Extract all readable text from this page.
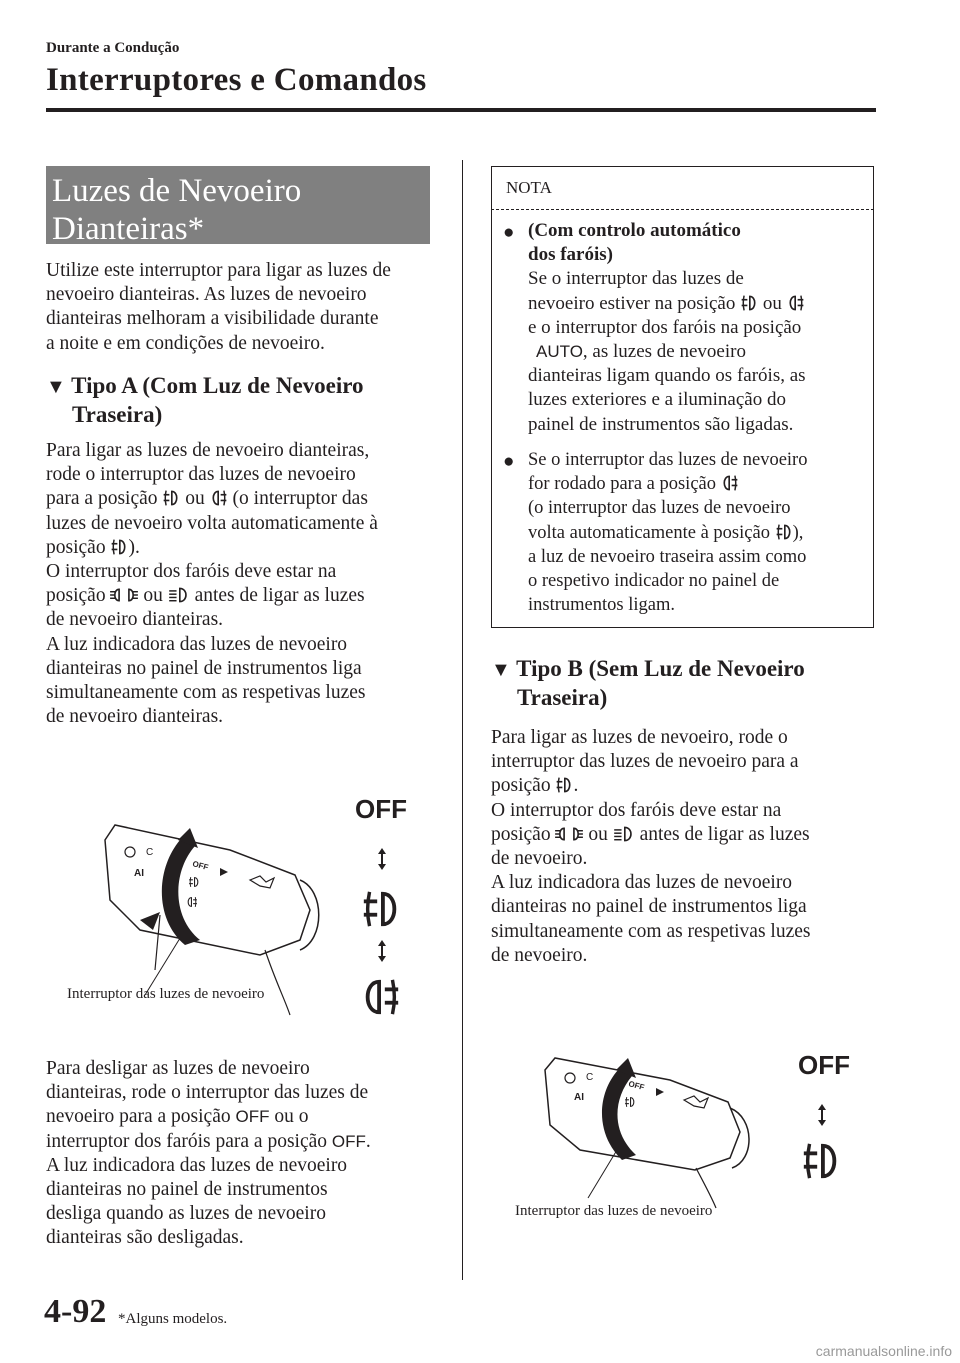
Durante a Condução
Interruptores e Comandos
Luzes de Nevoeiro
Dianteiras*

Utilize este interruptor para ligar as luzes de
nevoeiro dianteiras. As luzes de nevoeiro
dianteiras melhoram a visibilidade durante
a noite e em condições de nevoeiro.

▼ Tipo A (Com Luz de Nevoeiro
Traseira)

Para ligar as luzes de nevoeiro dianteiras,
rode o interruptor das luzes de nevoeiro
para a posição ou (o interruptor das
luzes de nevoeiro volta automaticamente à
posição ).
O interruptor dos faróis deve estar na
posição ou antes de ligar as luzes
de nevoeiro dianteiras.
A luz indicadora das luzes de nevoeiro
dianteiras no painel de instrumentos liga
simultaneamente com as respetivas luzes
de nevoeiro dianteiras.

C
AI
OFF
OFF
Interruptor das luzes de nevoeiro

Para desligar as luzes de nevoeiro
dianteiras, rode o interruptor das luzes de
nevoeiro para a posição OFF ou o
interruptor dos faróis para a posição OFF.
A luz indicadora das luzes de nevoeiro
dianteiras no painel de instrumentos
desliga quando as luzes de nevoeiro
dianteiras são desligadas.

NOTA
● (Com controlo automático
dos faróis)
Se o interruptor das luzes de
nevoeiro estiver na posição ou
e o interruptor dos faróis na posição
AUTO, as luzes de nevoeiro
dianteiras ligam quando os faróis, as
luzes exteriores e a iluminação do
painel de instrumentos são ligadas.

● Se o interruptor das luzes de nevoeiro
for rodado para a posição
(o interruptor das luzes de nevoeiro
volta automaticamente à posição ),
a luz de nevoeiro traseira assim como
o respetivo indicador no painel de
instrumentos ligam.

▼ Tipo B (Sem Luz de Nevoeiro
Traseira)

Para ligar as luzes de nevoeiro, rode o
interruptor das luzes de nevoeiro para a
posição .
O interruptor dos faróis deve estar na
posição ou antes de ligar as luzes
de nevoeiro.
A luz indicadora das luzes de nevoeiro
dianteiras no painel de instrumentos liga
simultaneamente com as respetivas luzes
de nevoeiro.

C
AI
OFF
OFF
Interruptor das luzes de nevoeiro
4-92 *Alguns modelos.
carmanualsonline.info
